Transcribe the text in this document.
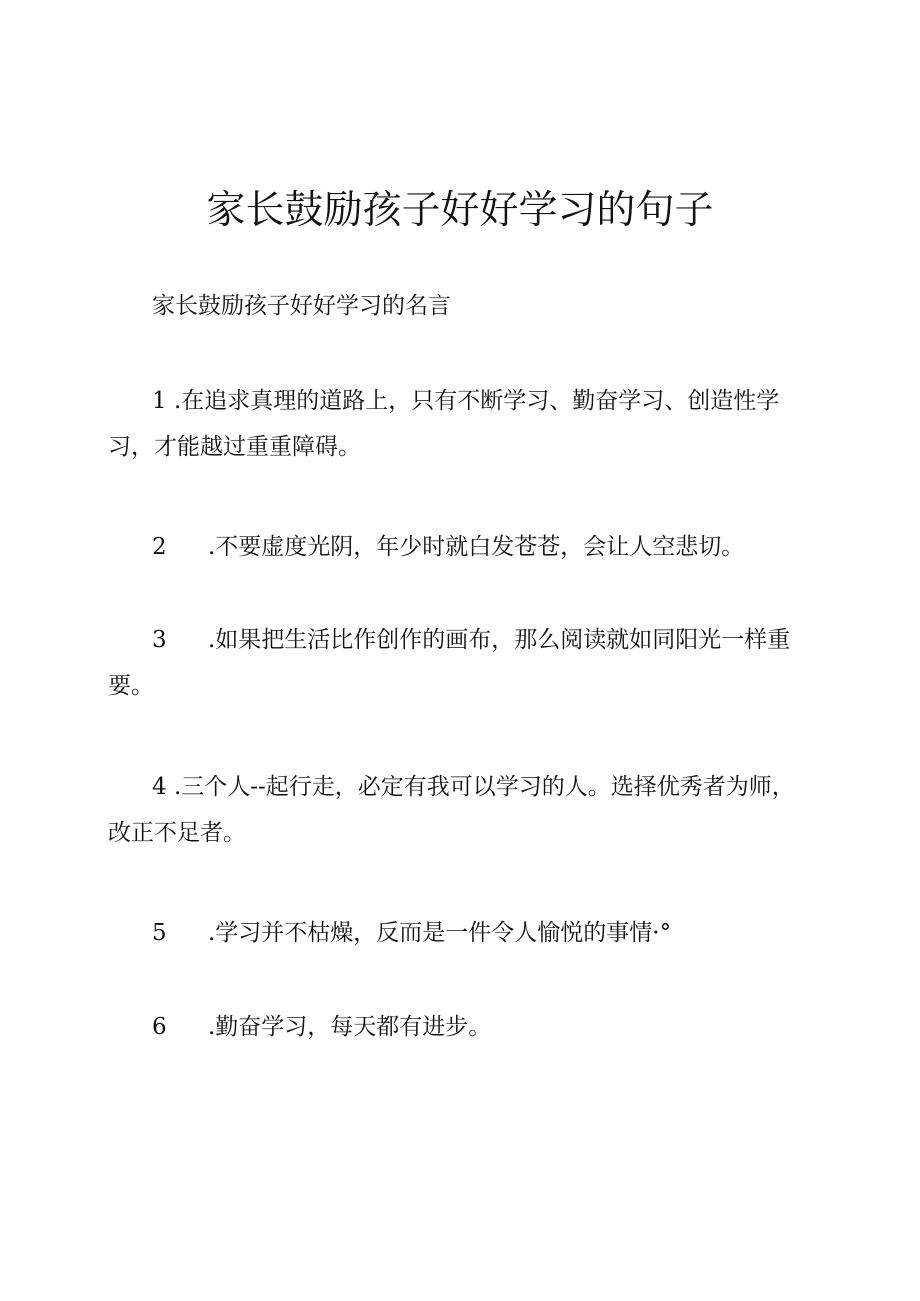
家长鼓励孩子好好学习的句子

家长鼓励孩子好好学习的名言

1 .在追求真理的道路上，只有不断学习、勤奋学习、创造性学习，才能越过重重障碍。

2 .不要虚度光阴，年少时就白发苍苍，会让人空悲切。

3 .如果把生活比作创作的画布，那么阅读就如同阳光一样重要。

4 .三个人--起行走，必定有我可以学习的人。选择优秀者为师，改正不足者。

5 .学习并不枯燥，反而是一件令人愉悦的事情·°

6 .勤奋学习，每天都有进步。
